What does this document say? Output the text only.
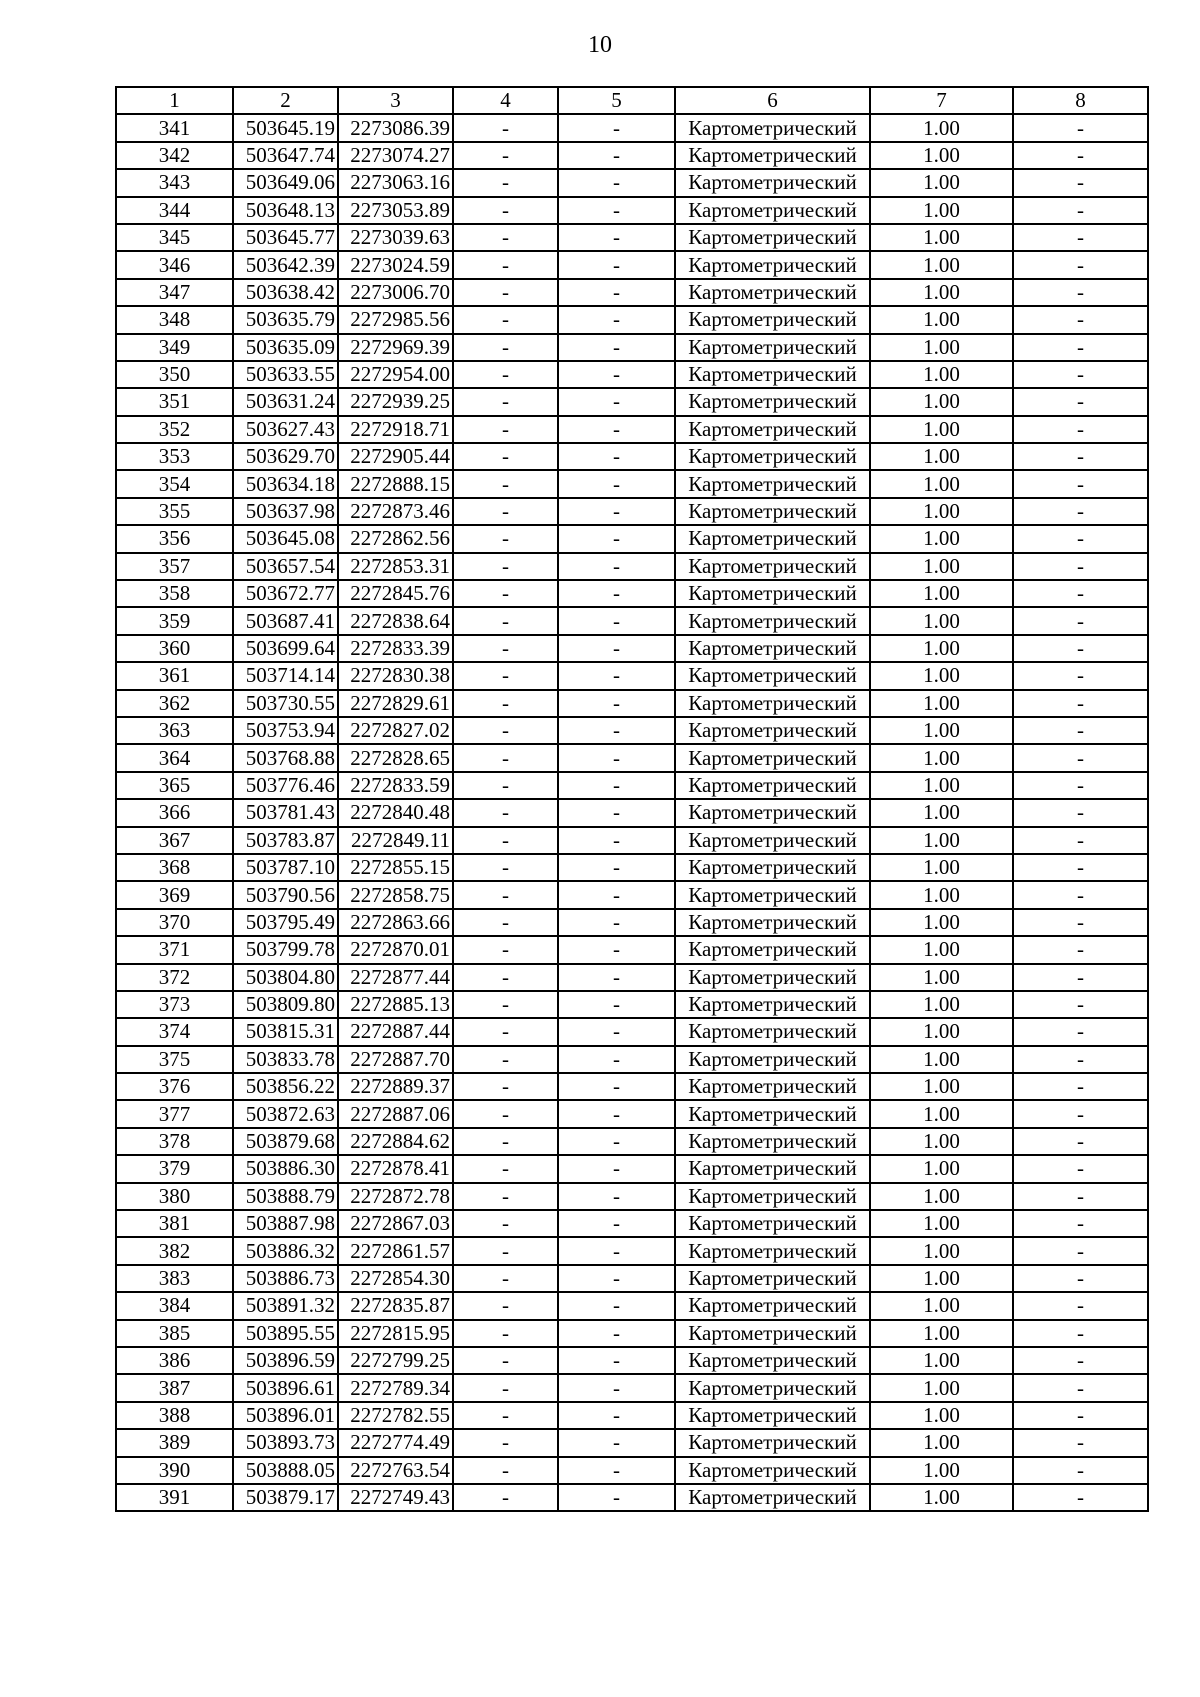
10
1	2	3	4	5	6	7	8
341	503645.19	2273086.39	-	-	Картометрический	1.00	-
342	503647.74	2273074.27	-	-	Картометрический	1.00	-
343	503649.06	2273063.16	-	-	Картометрический	1.00	-
344	503648.13	2273053.89	-	-	Картометрический	1.00	-
345	503645.77	2273039.63	-	-	Картометрический	1.00	-
346	503642.39	2273024.59	-	-	Картометрический	1.00	-
347	503638.42	2273006.70	-	-	Картометрический	1.00	-
348	503635.79	2272985.56	-	-	Картометрический	1.00	-
349	503635.09	2272969.39	-	-	Картометрический	1.00	-
350	503633.55	2272954.00	-	-	Картометрический	1.00	-
351	503631.24	2272939.25	-	-	Картометрический	1.00	-
352	503627.43	2272918.71	-	-	Картометрический	1.00	-
353	503629.70	2272905.44	-	-	Картометрический	1.00	-
354	503634.18	2272888.15	-	-	Картометрический	1.00	-
355	503637.98	2272873.46	-	-	Картометрический	1.00	-
356	503645.08	2272862.56	-	-	Картометрический	1.00	-
357	503657.54	2272853.31	-	-	Картометрический	1.00	-
358	503672.77	2272845.76	-	-	Картометрический	1.00	-
359	503687.41	2272838.64	-	-	Картометрический	1.00	-
360	503699.64	2272833.39	-	-	Картометрический	1.00	-
361	503714.14	2272830.38	-	-	Картометрический	1.00	-
362	503730.55	2272829.61	-	-	Картометрический	1.00	-
363	503753.94	2272827.02	-	-	Картометрический	1.00	-
364	503768.88	2272828.65	-	-	Картометрический	1.00	-
365	503776.46	2272833.59	-	-	Картометрический	1.00	-
366	503781.43	2272840.48	-	-	Картометрический	1.00	-
367	503783.87	2272849.11	-	-	Картометрический	1.00	-
368	503787.10	2272855.15	-	-	Картометрический	1.00	-
369	503790.56	2272858.75	-	-	Картометрический	1.00	-
370	503795.49	2272863.66	-	-	Картометрический	1.00	-
371	503799.78	2272870.01	-	-	Картометрический	1.00	-
372	503804.80	2272877.44	-	-	Картометрический	1.00	-
373	503809.80	2272885.13	-	-	Картометрический	1.00	-
374	503815.31	2272887.44	-	-	Картометрический	1.00	-
375	503833.78	2272887.70	-	-	Картометрический	1.00	-
376	503856.22	2272889.37	-	-	Картометрический	1.00	-
377	503872.63	2272887.06	-	-	Картометрический	1.00	-
378	503879.68	2272884.62	-	-	Картометрический	1.00	-
379	503886.30	2272878.41	-	-	Картометрический	1.00	-
380	503888.79	2272872.78	-	-	Картометрический	1.00	-
381	503887.98	2272867.03	-	-	Картометрический	1.00	-
382	503886.32	2272861.57	-	-	Картометрический	1.00	-
383	503886.73	2272854.30	-	-	Картометрический	1.00	-
384	503891.32	2272835.87	-	-	Картометрический	1.00	-
385	503895.55	2272815.95	-	-	Картометрический	1.00	-
386	503896.59	2272799.25	-	-	Картометрический	1.00	-
387	503896.61	2272789.34	-	-	Картометрический	1.00	-
388	503896.01	2272782.55	-	-	Картометрический	1.00	-
389	503893.73	2272774.49	-	-	Картометрический	1.00	-
390	503888.05	2272763.54	-	-	Картометрический	1.00	-
391	503879.17	2272749.43	-	-	Картометрический	1.00	-
